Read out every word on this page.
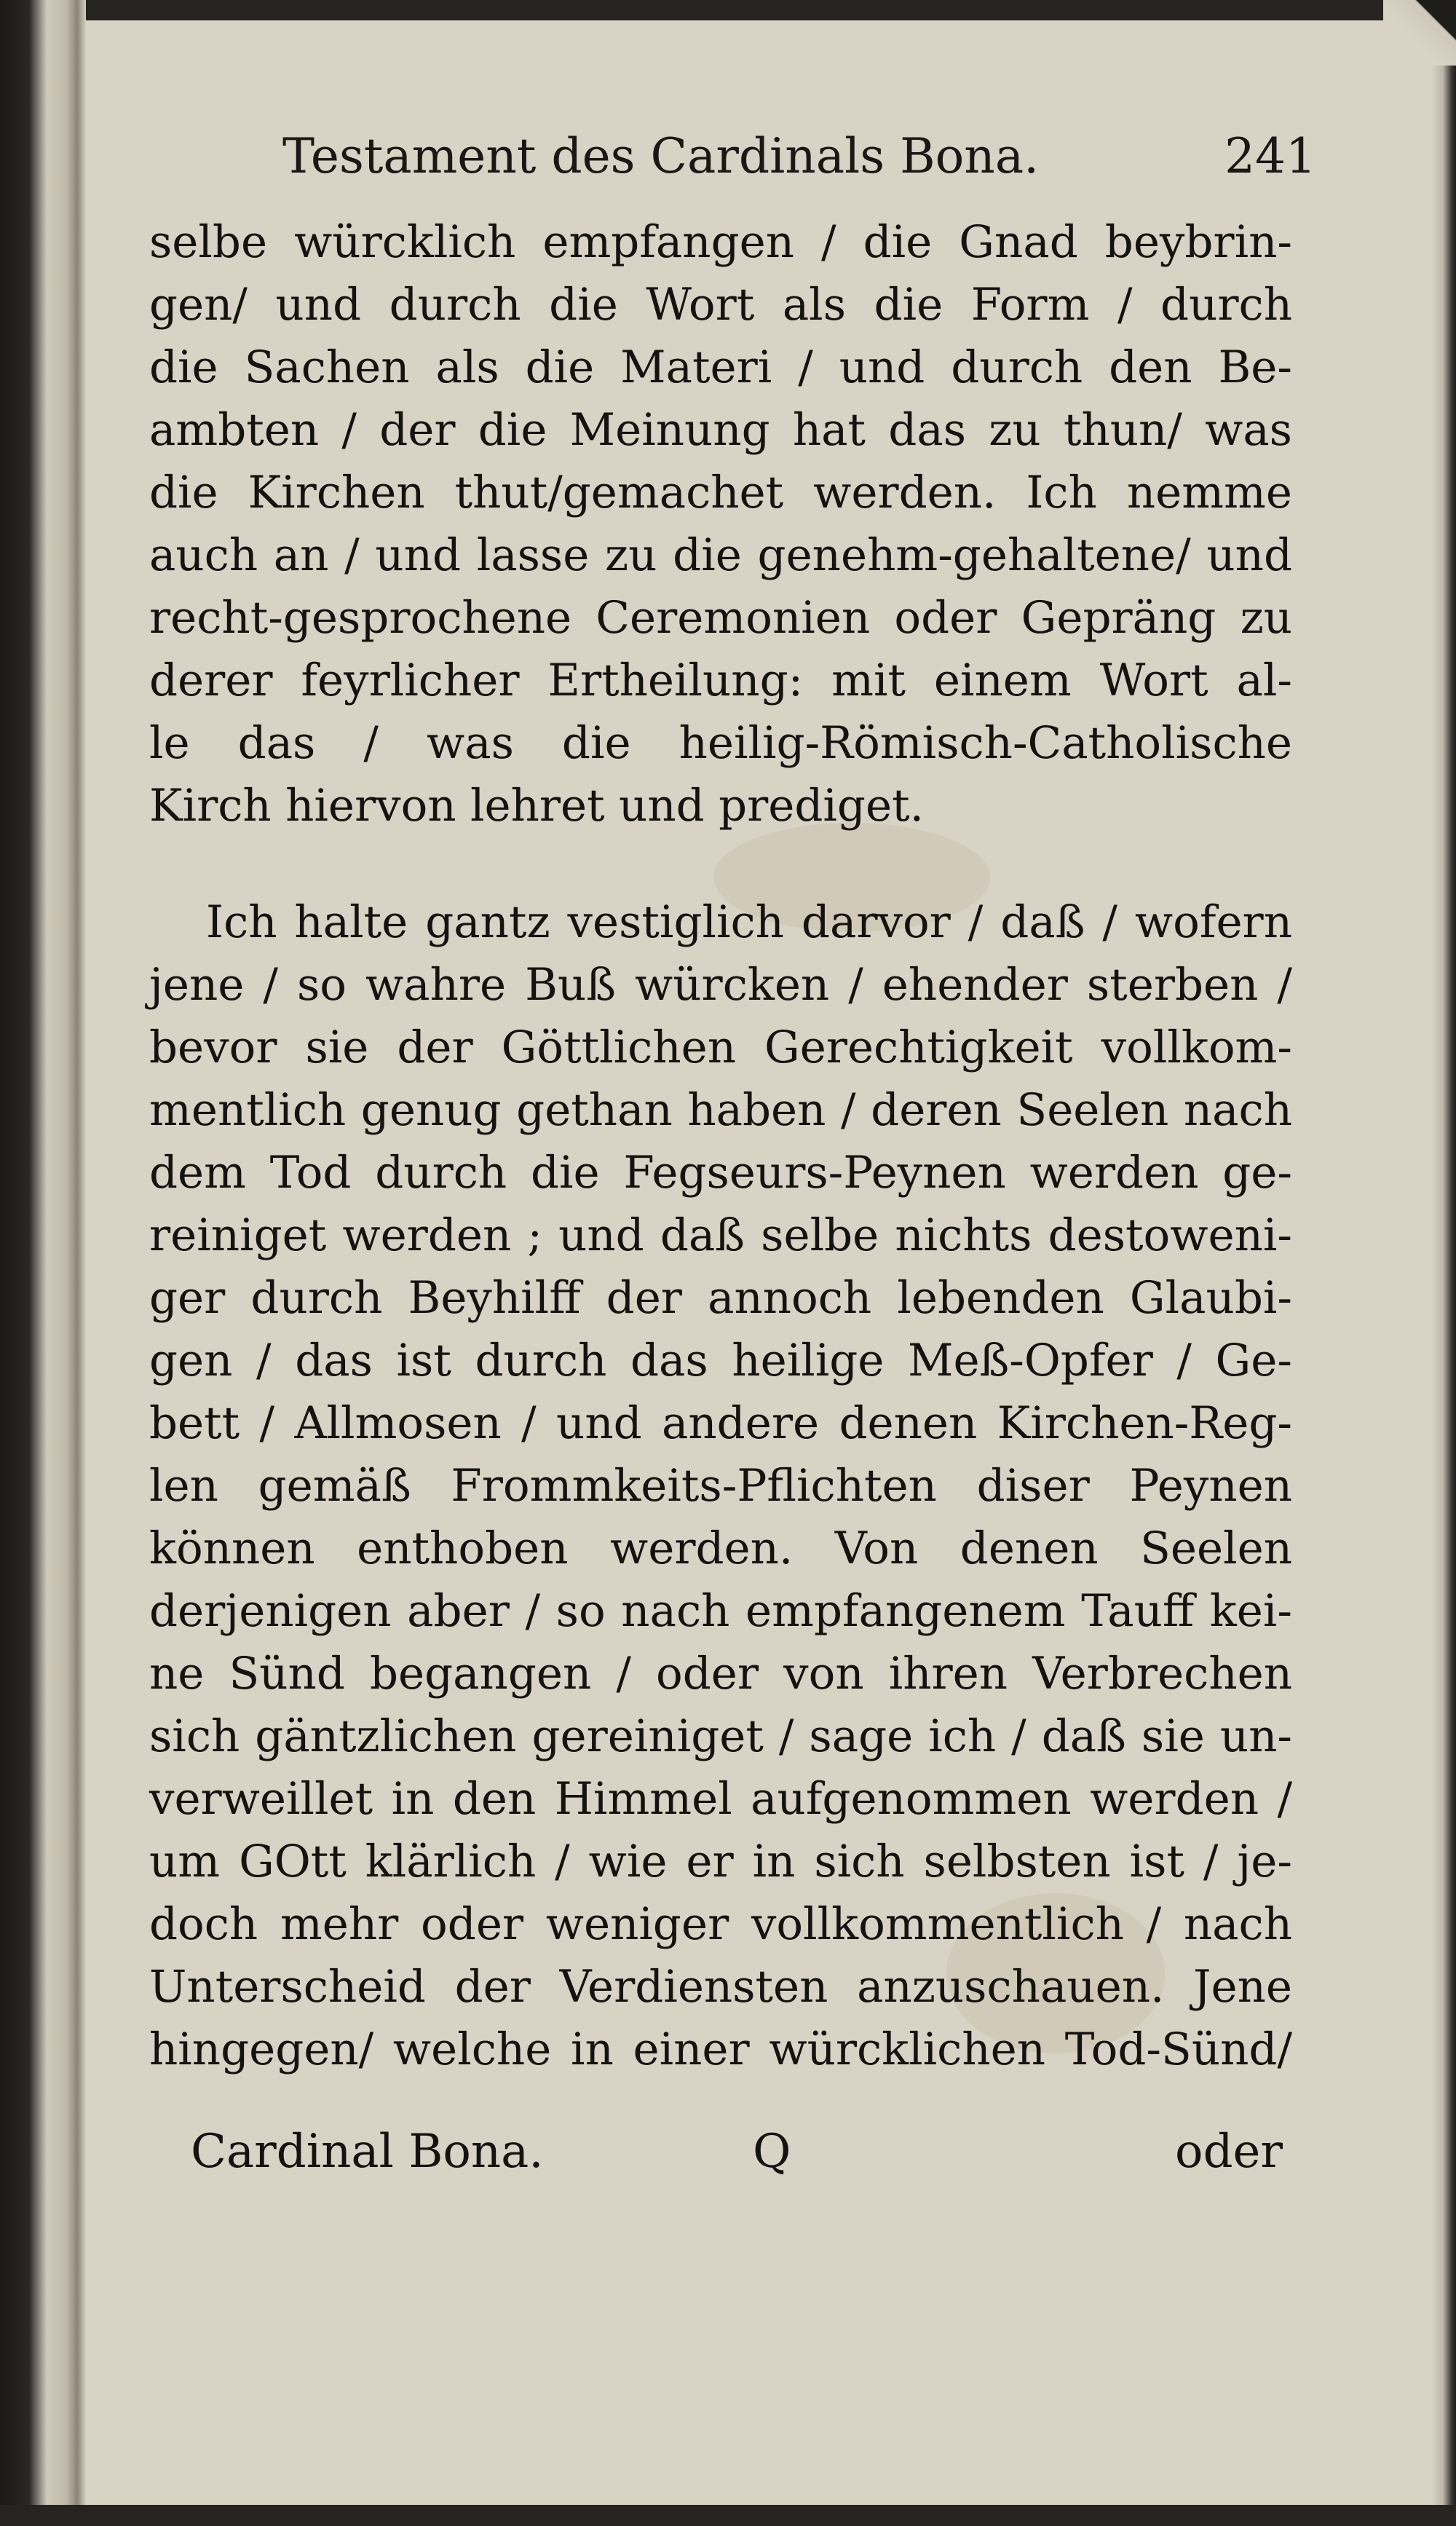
Testament des Cardinals Bona.	241
selbe würcklich empfangen / die Gnad beybrin-
gen/ und durch die Wort als die Form / durch
die Sachen als die Materi / und durch den Be-
ambten / der die Meinung hat das zu thun/ was
die Kirchen thut/gemachet werden. Ich nemme
auch an / und lasse zu die genehm-gehaltene/ und
recht-gesprochene Ceremonien oder Gepräng zu
derer feyrlicher Ertheilung: mit einem Wort al-
le das / was die heilig-Römisch-Catholische
Kirch hiervon lehret und prediget.
Ich halte gantz vestiglich darvor / daß / wofern
jene / so wahre Buß würcken / ehender sterben /
bevor sie der Göttlichen Gerechtigkeit vollkom-
mentlich genug gethan haben / deren Seelen nach
dem Tod durch die Fegseurs-Peynen werden ge-
reiniget werden ; und daß selbe nichts destoweni-
ger durch Beyhilff der annoch lebenden Glaubi-
gen / das ist durch das heilige Meß-Opfer / Ge-
bett / Allmosen / und andere denen Kirchen-Reg-
len gemäß Frommkeits-Pflichten diser Peynen
können enthoben werden. Von denen Seelen
derjenigen aber / so nach empfangenem Tauff kei-
ne Sünd begangen / oder von ihren Verbrechen
sich gäntzlichen gereiniget / sage ich / daß sie un-
verweillet in den Himmel aufgenommen werden /
um GOtt klärlich / wie er in sich selbsten ist / je-
doch mehr oder weniger vollkommentlich / nach
Unterscheid der Verdiensten anzuschauen. Jene
hingegen/ welche in einer würcklichen Tod-Sünd/
Cardinal Bona.	Q	oder
